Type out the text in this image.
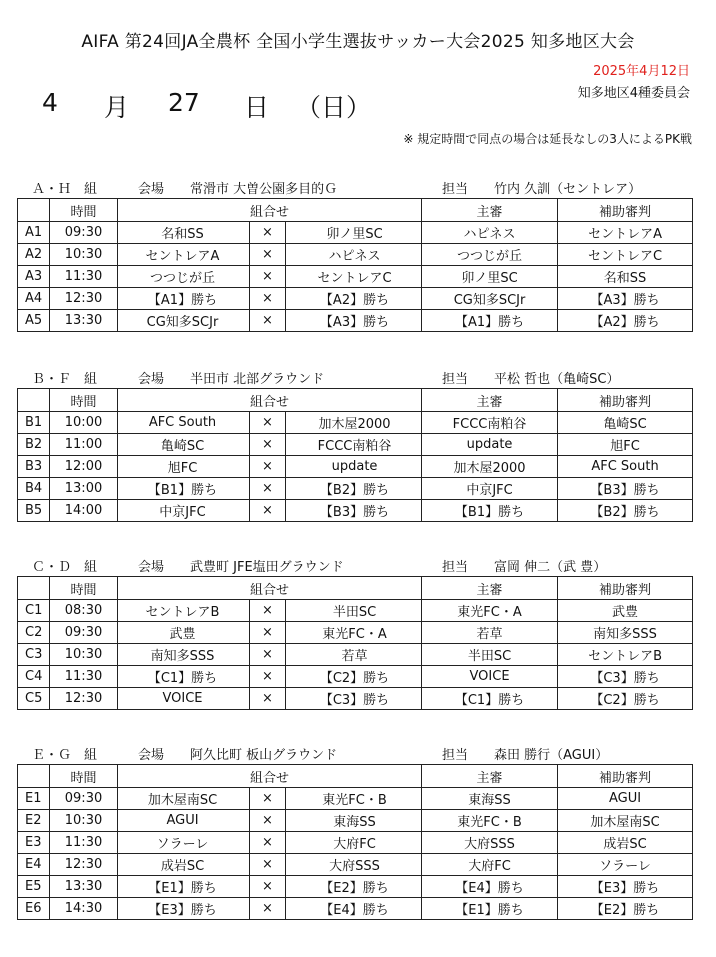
AIFA 第24回JA全農杯 全国小学生選抜サッカー大会2025 知多地区大会
2025年4月12日
知多地区4種委員会
4 月 27 日 （日）
※ 規定時間で同点の場合は延長なしの3人によるPK戦
Ａ・Ｈ　組	会場 常滑市 大曽公園多目的Ｇ	担当 竹内 久訓（セントレア）
	時間	組合せ			主審	補助審判
A1	09:30	名和SS	×	卯ノ里SC	ハピネス	セントレアA
A2	10:30	セントレアA	×	ハピネス	つつじが丘	セントレアC
A3	11:30	つつじが丘	×	セントレアC	卯ノ里SC	名和SS
A4	12:30	【A1】勝ち	×	【A2】勝ち	CG知多SCJr	【A3】勝ち
A5	13:30	CG知多SCJr	×	【A3】勝ち	【A1】勝ち	【A2】勝ち
Ｂ・Ｆ　組	会場 半田市 北部グラウンド	担当 平松 哲也（亀崎SC）
	時間	組合せ			主審	補助審判
B1	10:00	AFC South	×	加木屋2000	FCCC南粕谷	亀崎SC
B2	11:00	亀崎SC	×	FCCC南粕谷	update	旭FC
B3	12:00	旭FC	×	update	加木屋2000	AFC South
B4	13:00	【B1】勝ち	×	【B2】勝ち	中京JFC	【B3】勝ち
B5	14:00	中京JFC	×	【B3】勝ち	【B1】勝ち	【B2】勝ち
Ｃ・Ｄ　組	会場 武豊町 JFE塩田グラウンド	担当 富岡 伸二（武 豊）
	時間	組合せ			主審	補助審判
C1	08:30	セントレアB	×	半田SC	東光FC・A	武豊
C2	09:30	武豊	×	東光FC・A	若草	南知多SSS
C3	10:30	南知多SSS	×	若草	半田SC	セントレアB
C4	11:30	【C1】勝ち	×	【C2】勝ち	VOICE	【C3】勝ち
C5	12:30	VOICE	×	【C3】勝ち	【C1】勝ち	【C2】勝ち
Ｅ・Ｇ　組	会場 阿久比町 板山グラウンド	担当 森田 勝行（AGUI）
	時間	組合せ			主審	補助審判
E1	09:30	加木屋南SC	×	東光FC・B	東海SS	AGUI
E2	10:30	AGUI	×	東海SS	東光FC・B	加木屋南SC
E3	11:30	ソラーレ	×	大府FC	大府SSS	成岩SC
E4	12:30	成岩SC	×	大府SSS	大府FC	ソラーレ
E5	13:30	【E1】勝ち	×	【E2】勝ち	【E4】勝ち	【E3】勝ち
E6	14:30	【E3】勝ち	×	【E4】勝ち	【E1】勝ち	【E2】勝ち
